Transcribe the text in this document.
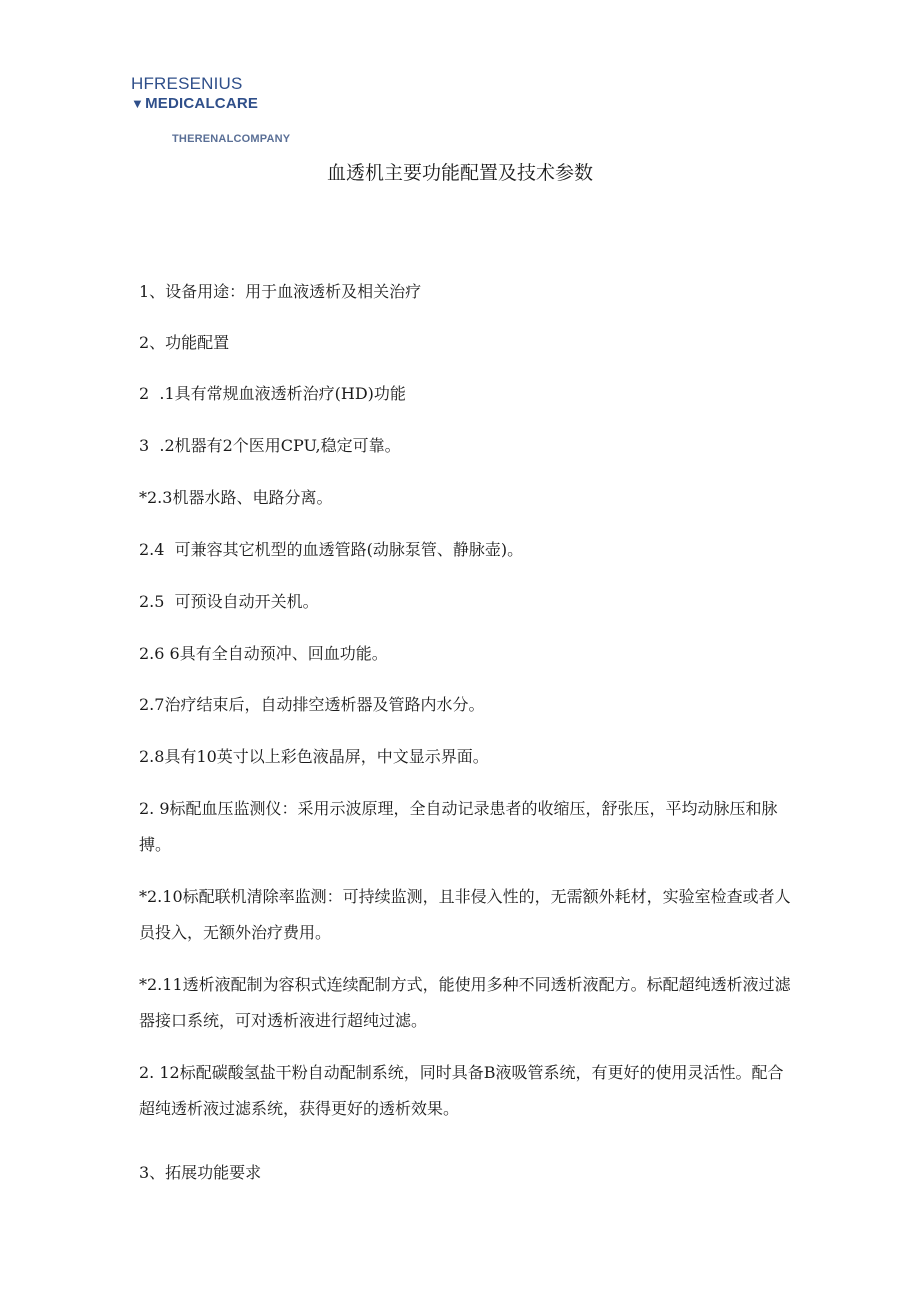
HFRESENIUS
▼MEDICALCARE
THERENALCOMPANY
血透机主要功能配置及技术参数

1、设备用途：用于血液透析及相关治疗

2、功能配置

2  .1具有常规血液透析治疗(HD)功能

3  .2机器有2个医用CPU,稳定可靠。

*2.3机器水路、电路分离。

2.4  可兼容其它机型的血透管路(动脉泵管、静脉壶)。

2.5  可预设自动开关机。

2.6 6具有全自动预冲、回血功能。

2.7治疗结束后，自动排空透析器及管路内水分。

2.8具有10英寸以上彩色液晶屏，中文显示界面。

2. 9标配血压监测仪：采用示波原理，全自动记录患者的收缩压，舒张压，平均动脉压和脉搏。

*2.10标配联机清除率监测：可持续监测，且非侵入性的，无需额外耗材，实验室检查或者人员投入，无额外治疗费用。

*2.11透析液配制为容积式连续配制方式，能使用多种不同透析液配方。标配超纯透析液过滤器接口系统，可对透析液进行超纯过滤。

2. 12标配碳酸氢盐干粉自动配制系统，同时具备B液吸管系统，有更好的使用灵活性。配合超纯透析液过滤系统，获得更好的透析效果。

3、拓展功能要求
